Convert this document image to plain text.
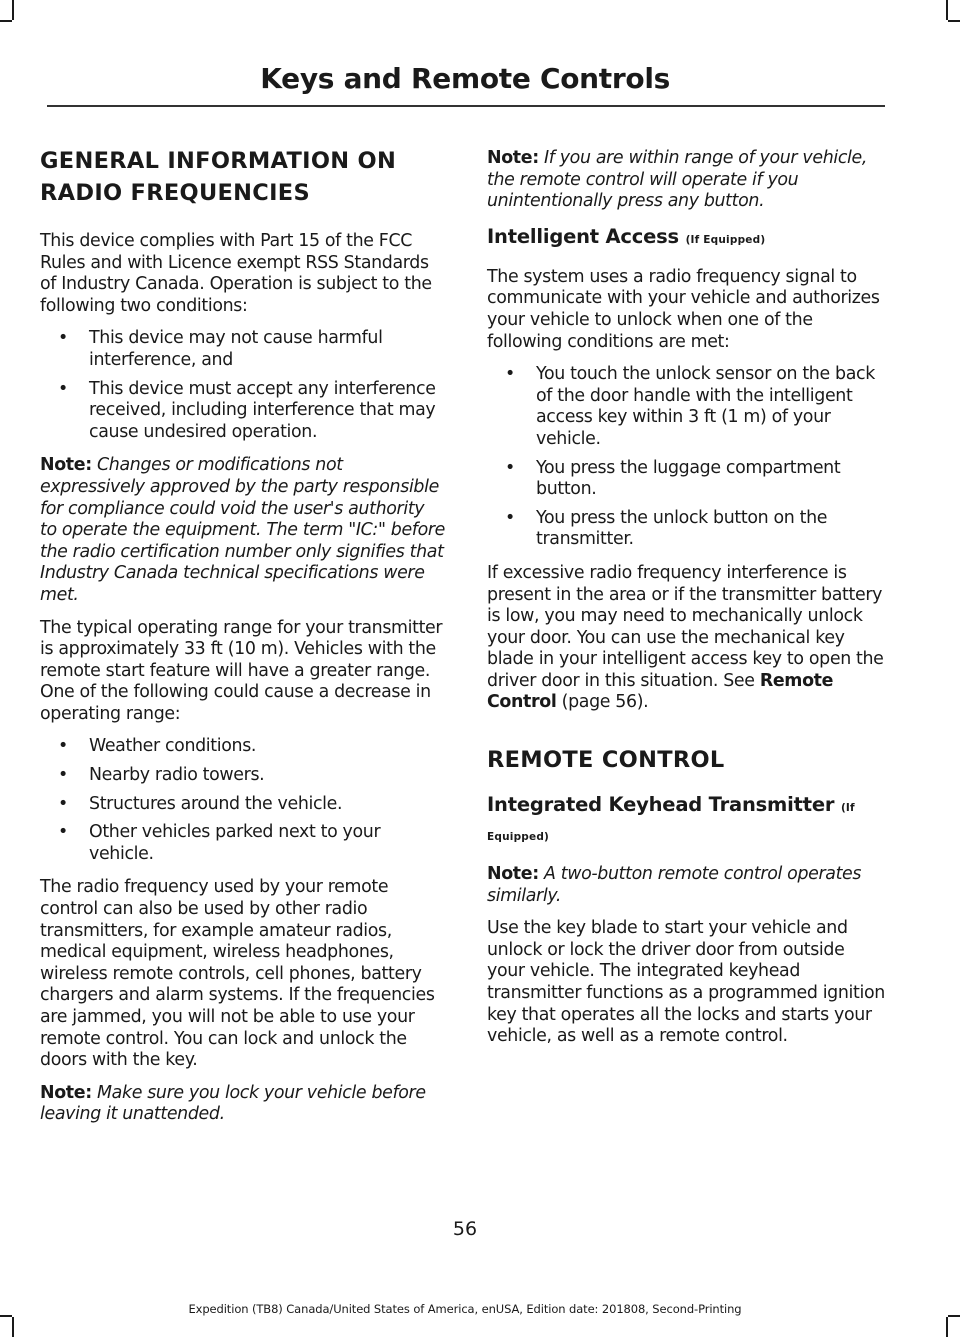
Keys and Remote Controls
GENERAL INFORMATION ON RADIO FREQUENCIES

This device complies with Part 15 of the FCC Rules and with Licence exempt RSS Standards of Industry Canada. Operation is subject to the following two conditions:

• This device may not cause harmful interference, and
• This device must accept any interference received, including interference that may cause undesired operation.

Note: Changes or modifications not expressively approved by the party responsible for compliance could void the user's authority to operate the equipment. The term "IC:" before the radio certification number only signifies that Industry Canada technical specifications were met.

The typical operating range for your transmitter is approximately 33 ft (10 m). Vehicles with the remote start feature will have a greater range. One of the following could cause a decrease in operating range:

• Weather conditions.
• Nearby radio towers.
• Structures around the vehicle.
• Other vehicles parked next to your vehicle.

The radio frequency used by your remote control can also be used by other radio transmitters, for example amateur radios, medical equipment, wireless headphones, wireless remote controls, cell phones, battery chargers and alarm systems. If the frequencies are jammed, you will not be able to use your remote control. You can lock and unlock the doors with the key.

Note: Make sure you lock your vehicle before leaving it unattended.

Note: If you are within range of your vehicle, the remote control will operate if you unintentionally press any button.

Intelligent Access (If Equipped)

The system uses a radio frequency signal to communicate with your vehicle and authorizes your vehicle to unlock when one of the following conditions are met:

• You touch the unlock sensor on the back of the door handle with the intelligent access key within 3 ft (1 m) of your vehicle.
• You press the luggage compartment button.
• You press the unlock button on the transmitter.

If excessive radio frequency interference is present in the area or if the transmitter battery is low, you may need to mechanically unlock your door. You can use the mechanical key blade in your intelligent access key to open the driver door in this situation. See Remote Control (page 56).

REMOTE CONTROL
Integrated Keyhead Transmitter (If Equipped)

Note: A two-button remote control operates similarly.

Use the key blade to start your vehicle and unlock or lock the driver door from outside your vehicle. The integrated keyhead transmitter functions as a programmed ignition key that operates all the locks and starts your vehicle, as well as a remote control.

56
Expedition (TB8) Canada/United States of America, enUSA, Edition date: 201808, Second-Printing
